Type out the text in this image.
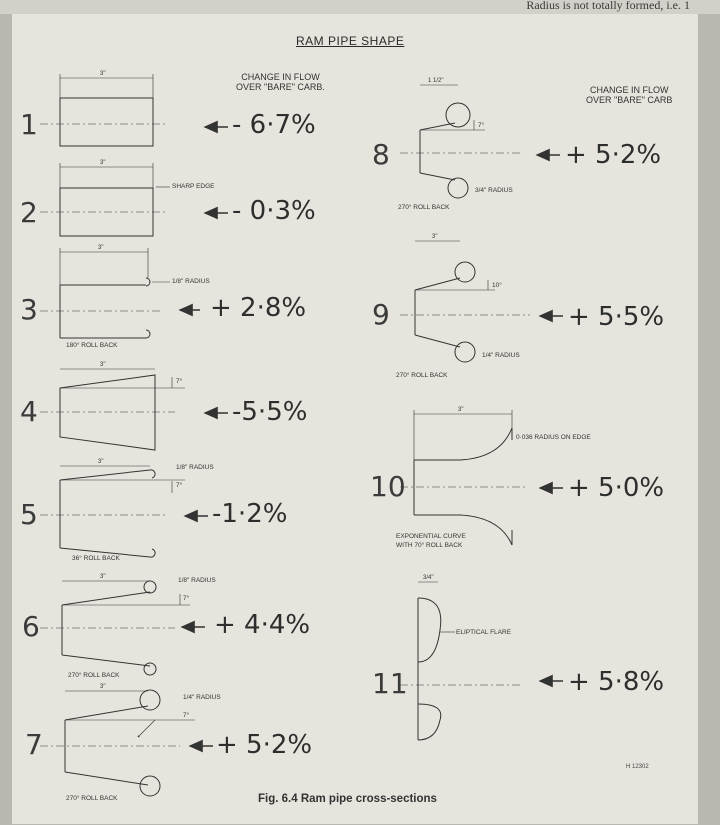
Radius is not totally formed, i.e. 1
RAM PIPE SHAPE
CHANGE IN FLOW
OVER "BARE" CARB.	CHANGE IN FLOW
OVER "BARE" CARB
1
2
3
4
5
6
7
8
9
10
11
- 6·7%
- 0·3%
+ 2·8%
-5·5%
-1·2%
+ 4·4%
+ 5·2%
+ 5·2%
+ 5·5%
+ 5·0%
+ 5·8%
3"
3"
3"
3"
3"
3"
3"
1 1/2"
3"
3"
3/4"
SHARP EDGE
1/8" RADIUS
180° ROLL BACK
7°
1/8" RADIUS
7°
36° ROLL BACK
1/8" RADIUS
7°
270° ROLL BACK
1/4" RADIUS
7°
270° ROLL BACK
7°
3/4" RADIUS
270° ROLL BACK
10°
1/4" RADIUS
270° ROLL BACK
0·036 RADIUS ON EDGE
EXPONENTIAL CURVE
WITH 70° ROLL BACK
ELIPTICAL FLARE
H 12302
Fig. 6.4 Ram pipe cross-sections
